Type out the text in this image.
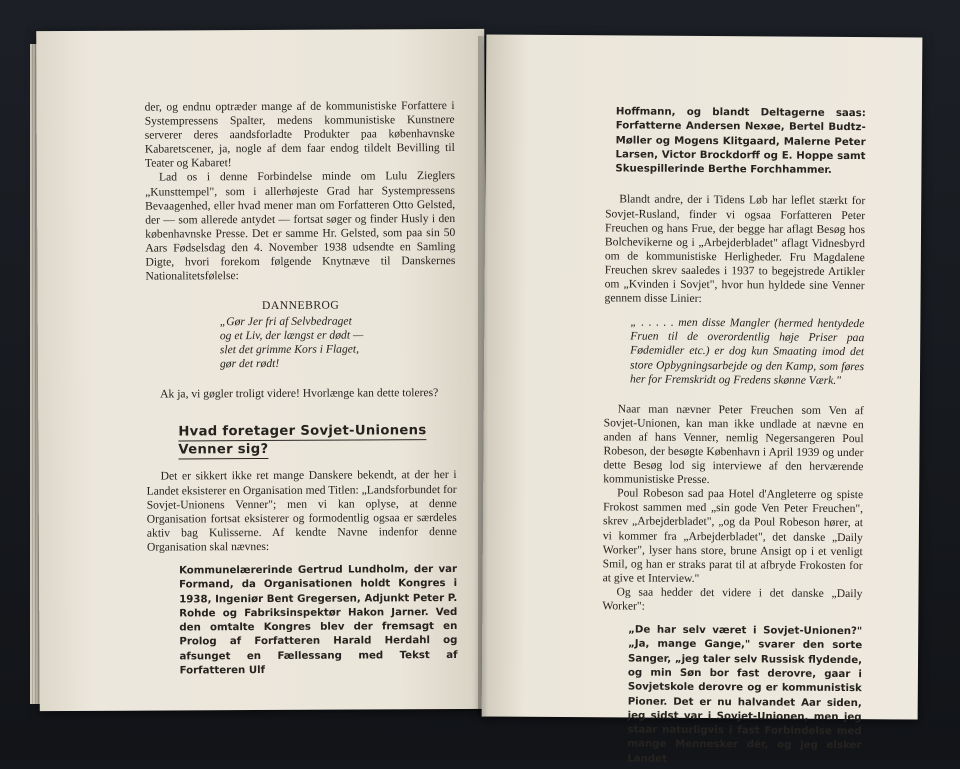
der, og endnu optræder mange af de kommunistiske Forfattere i Systempressens Spalter, medens kommunistiske Kunstnere serverer deres aandsforladte Produkter paa københavnske Kabaretscener, ja, nogle af dem faar endog tildelt Bevilling til Teater og Kabaret!

Lad os i denne Forbindelse minde om Lulu Zieglers „Kunsttempel", som i allerhøjeste Grad har Systempressens Bevaagenhed, eller hvad mener man om Forfatteren Otto Gelsted, der — som allerede antydet — fortsat søger og finder Husly i den københavnske Presse. Det er samme Hr. Gelsted, som paa sin 50 Aars Fødselsdag den 4. November 1938 udsendte en Samling Digte, hvori forekom følgende Knytnæve til Danskernes Nationalitetsfølelse:

DANNEBROG
„Gør Jer fri af Selvbedraget
og et Liv, der længst er dødt —
slet det grimme Kors i Flaget,
gør det rødt!

Ak ja, vi gøgler troligt videre! Hvorlænge kan dette toleres?

Hvad foretager Sovjet-Unionens
Venner sig?

Det er sikkert ikke ret mange Danskere bekendt, at der her i Landet eksisterer en Organisation med Titlen: „Landsforbundet for Sovjet-Unionens Venner"; men vi kan oplyse, at denne Organisation fortsat eksisterer og formodentlig ogsaa er særdeles aktiv bag Kulisserne. Af kendte Navne indenfor denne Organisation skal nævnes:

Kommunelærerinde Gertrud Lundholm, der var Formand, da Organisationen holdt Kongres i 1938, Ingeniør Bent Gregersen, Adjunkt Peter P. Rohde og Fabriksinspektør Hakon Jarner. Ved den omtalte Kongres blev der fremsagt en Prolog af Forfatteren Harald Herdahl og afsunget en Fællessang med Tekst af Forfatteren Ulf
Hoffmann, og blandt Deltagerne saas: Forfatterne Andersen Nexøe, Bertel Budtz-Møller og Mogens Klitgaard, Malerne Peter Larsen, Victor Brockdorff og E. Hoppe samt Skuespillerinde Berthe Forchhammer.

Blandt andre, der i Tidens Løb har leflet stærkt for Sovjet-Rusland, finder vi ogsaa Forfatteren Peter Freuchen og hans Frue, der begge har aflagt Besøg hos Bolchevikerne og i „Arbejderbladet" aflagt Vidnesbyrd om de kommunistiske Herligheder. Fru Magdalene Freuchen skrev saaledes i 1937 to begejstrede Artikler om „Kvinden i Sovjet", hvor hun hyldede sine Venner gennem disse Linier:

„ . . . . . men disse Mangler (hermed hentydede Fruen til de overordentlig høje Priser paa Fødemidler etc.) er dog kun Smaating imod det store Opbygningsarbejde og den Kamp, som føres her for Fremskridt og Fredens skønne Værk."

Naar man nævner Peter Freuchen som Ven af Sovjet-Unionen, kan man ikke undlade at nævne en anden af hans Venner, nemlig Negersangeren Poul Robeson, der besøgte København i April 1939 og under dette Besøg lod sig interviewe af den herværende kommunistiske Presse.

Poul Robeson sad paa Hotel d'Angleterre og spiste Frokost sammen med „sin gode Ven Peter Freuchen", skrev „Arbejderbladet", „og da Poul Robeson hører, at vi kommer fra „Arbejderbladet", det danske „Daily Worker", lyser hans store, brune Ansigt op i et venligt Smil, og han er straks parat til at afbryde Frokosten for at give et Interview."

Og saa hedder det videre i det danske „Daily Worker":

„De har selv været i Sovjet-Unionen?" „Ja, mange Gange," svarer den sorte Sanger, „jeg taler selv Russisk flydende, og min Søn bor fast derovre, gaar i Sovjetskole derovre og er kommunistisk Pioner. Det er nu halvandet Aar siden, jeg sidst var i Sovjet-Unionen, men jeg staar naturligvis i fast Forbindelse med mange Mennesker dér, og jeg elsker Landet
